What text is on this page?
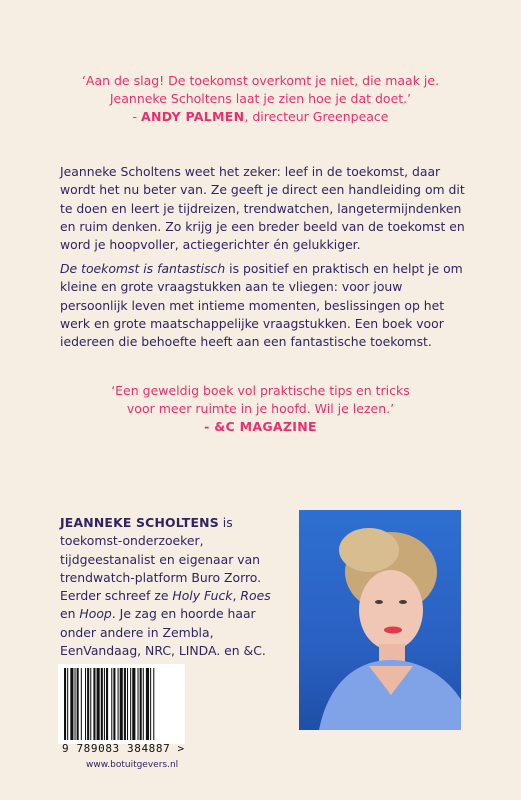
‘Aan de slag! De toekomst overkomt je niet, die maak je.
Jeanneke Scholtens laat je zien hoe je dat doet.’
- ANDY PALMEN, directeur Greenpeace
Jeanneke Scholtens weet het zeker: leef in de toekomst, daar wordt het nu beter van. Ze geeft je direct een handleiding om dit te doen en leert je tijdreizen, trendwatchen, langetermijndenken en ruim denken. Zo krijg je een breder beeld van de toekomst en word je hoopvoller, actiegerichter én gelukkiger.
De toekomst is fantastisch is positief en praktisch en helpt je om kleine en grote vraagstukken aan te vliegen: voor jouw persoonlijk leven met intieme momenten, beslissingen op het werk en grote maatschappelijke vraagstukken. Een boek voor iedereen die behoefte heeft aan een fantastische toekomst.
‘Een geweldig boek vol praktische tips en tricks
voor meer ruimte in je hoofd. Wil je lezen.’
- &C MAGAZINE
JEANNEKE SCHOLTENS is toekomst-onderzoeker, tijdgeestanalist en eigenaar van trendwatch-platform Buro Zorro. Eerder schreef ze Holy Fuck, Roes en Hoop. Je zag en hoorde haar onder andere in Zembla, EenVandaag, NRC, LINDA. en &C.
9 789083 384887 >
www.botuitgevers.nl
